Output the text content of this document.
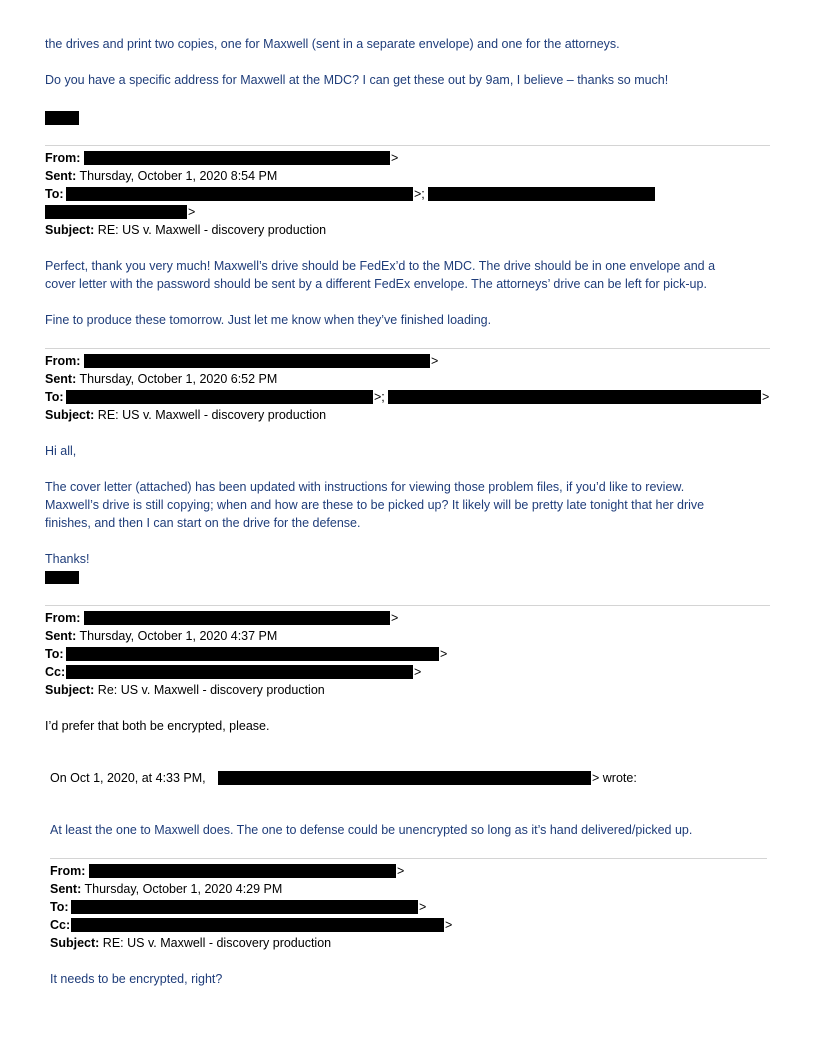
the drives and print two copies, one for Maxwell (sent in a separate envelope) and one for the attorneys.
Do you have a specific address for Maxwell at the MDC? I can get these out by 9am, I believe – thanks so much!
From:	>
Sent: Thursday, October 1, 2020 8:54 PM
To:	>;
>
Subject: RE: US v. Maxwell - discovery production
Perfect, thank you very much! Maxwell’s drive should be FedEx’d to the MDC. The drive should be in one envelope and a
cover letter with the password should be sent by a different FedEx envelope. The attorneys’ drive can be left for pick-up.
Fine to produce these tomorrow. Just let me know when they’ve finished loading.
From:	>
Sent: Thursday, October 1, 2020 6:52 PM
To:	>;	>
Subject: RE: US v. Maxwell - discovery production
Hi all,
The cover letter (attached) has been updated with instructions for viewing those problem files, if you’d like to review.
Maxwell’s drive is still copying; when and how are these to be picked up? It likely will be pretty late tonight that her drive
finishes, and then I can start on the drive for the defense.
Thanks!
From:	>
Sent: Thursday, October 1, 2020 4:37 PM
To:	>
Cc:	>
Subject: Re: US v. Maxwell - discovery production
I’d prefer that both be encrypted, please.
On Oct 1, 2020, at 4:33 PM,	> wrote:
At least the one to Maxwell does. The one to defense could be unencrypted so long as it’s hand delivered/picked up.
From:	>
Sent: Thursday, October 1, 2020 4:29 PM
To:	>
Cc:	>
Subject: RE: US v. Maxwell - discovery production
It needs to be encrypted, right?
